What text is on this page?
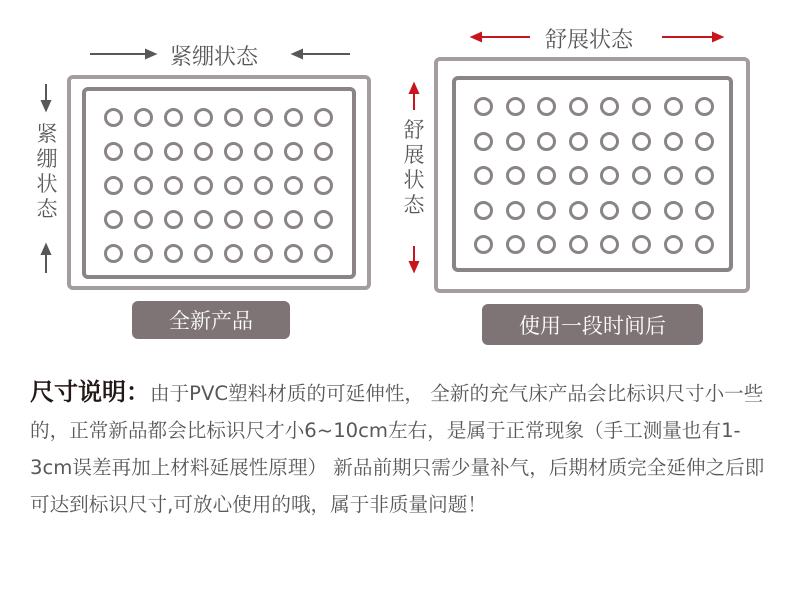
紧绷状态
紧
绷
状
态
全新产品
舒展状态
舒
展
状
态
使用一段时间后
尺寸说明：由于PVC塑料材质的可延伸性， 全新的充气床产品会比标识尺寸小一些的，正常新品都会比标识尺才小6~10cm左右，是属于正常现象（手工测量也有1-3cm误差再加上材料延展性原理） 新品前期只需少量补气，后期材质完全延伸之后即可达到标识尺寸,可放心使用的哦，属于非质量问题！
